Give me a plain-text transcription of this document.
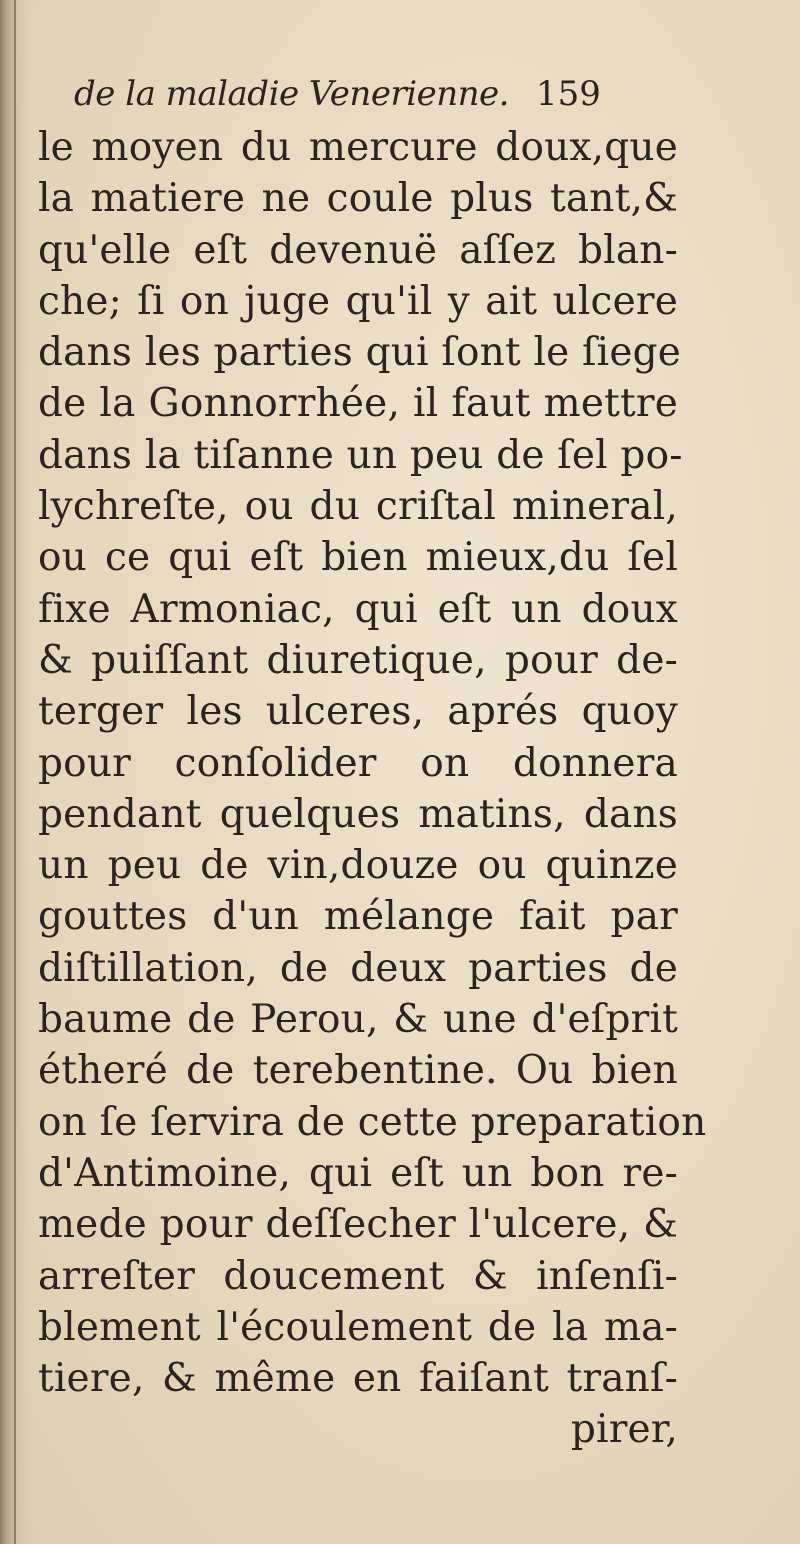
de la maladie Venerienne. 159
le moyen du mercure doux,que
la matiere ne coule plus tant,&
qu'elle eſt devenuë aſſez blan-
che; ſi on juge qu'il y ait ulcere
dans les parties qui ſont le ſiege
de la Gonnorrhée, il faut mettre
dans la tiſanne un peu de ſel po-
lychreſte, ou du criſtal mineral,
ou ce qui eſt bien mieux,du ſel
fixe Armoniac, qui eſt un doux
& puiſſant diuretique, pour de-
terger les ulceres, aprés quoy
pour conſolider on donnera
pendant quelques matins, dans
un peu de vin,douze ou quinze
gouttes d'un mélange fait par
diſtillation, de deux parties de
baume de Perou, & une d'eſprit
étheré de terebentine. Ou bien
on ſe ſervira de cette preparation
d'Antimoine, qui eſt un bon re-
mede pour deſſecher l'ulcere, &
arreſter doucement & inſenſi-
blement l'écoulement de la ma-
tiere, & même en faiſant tranſ-
pirer,
